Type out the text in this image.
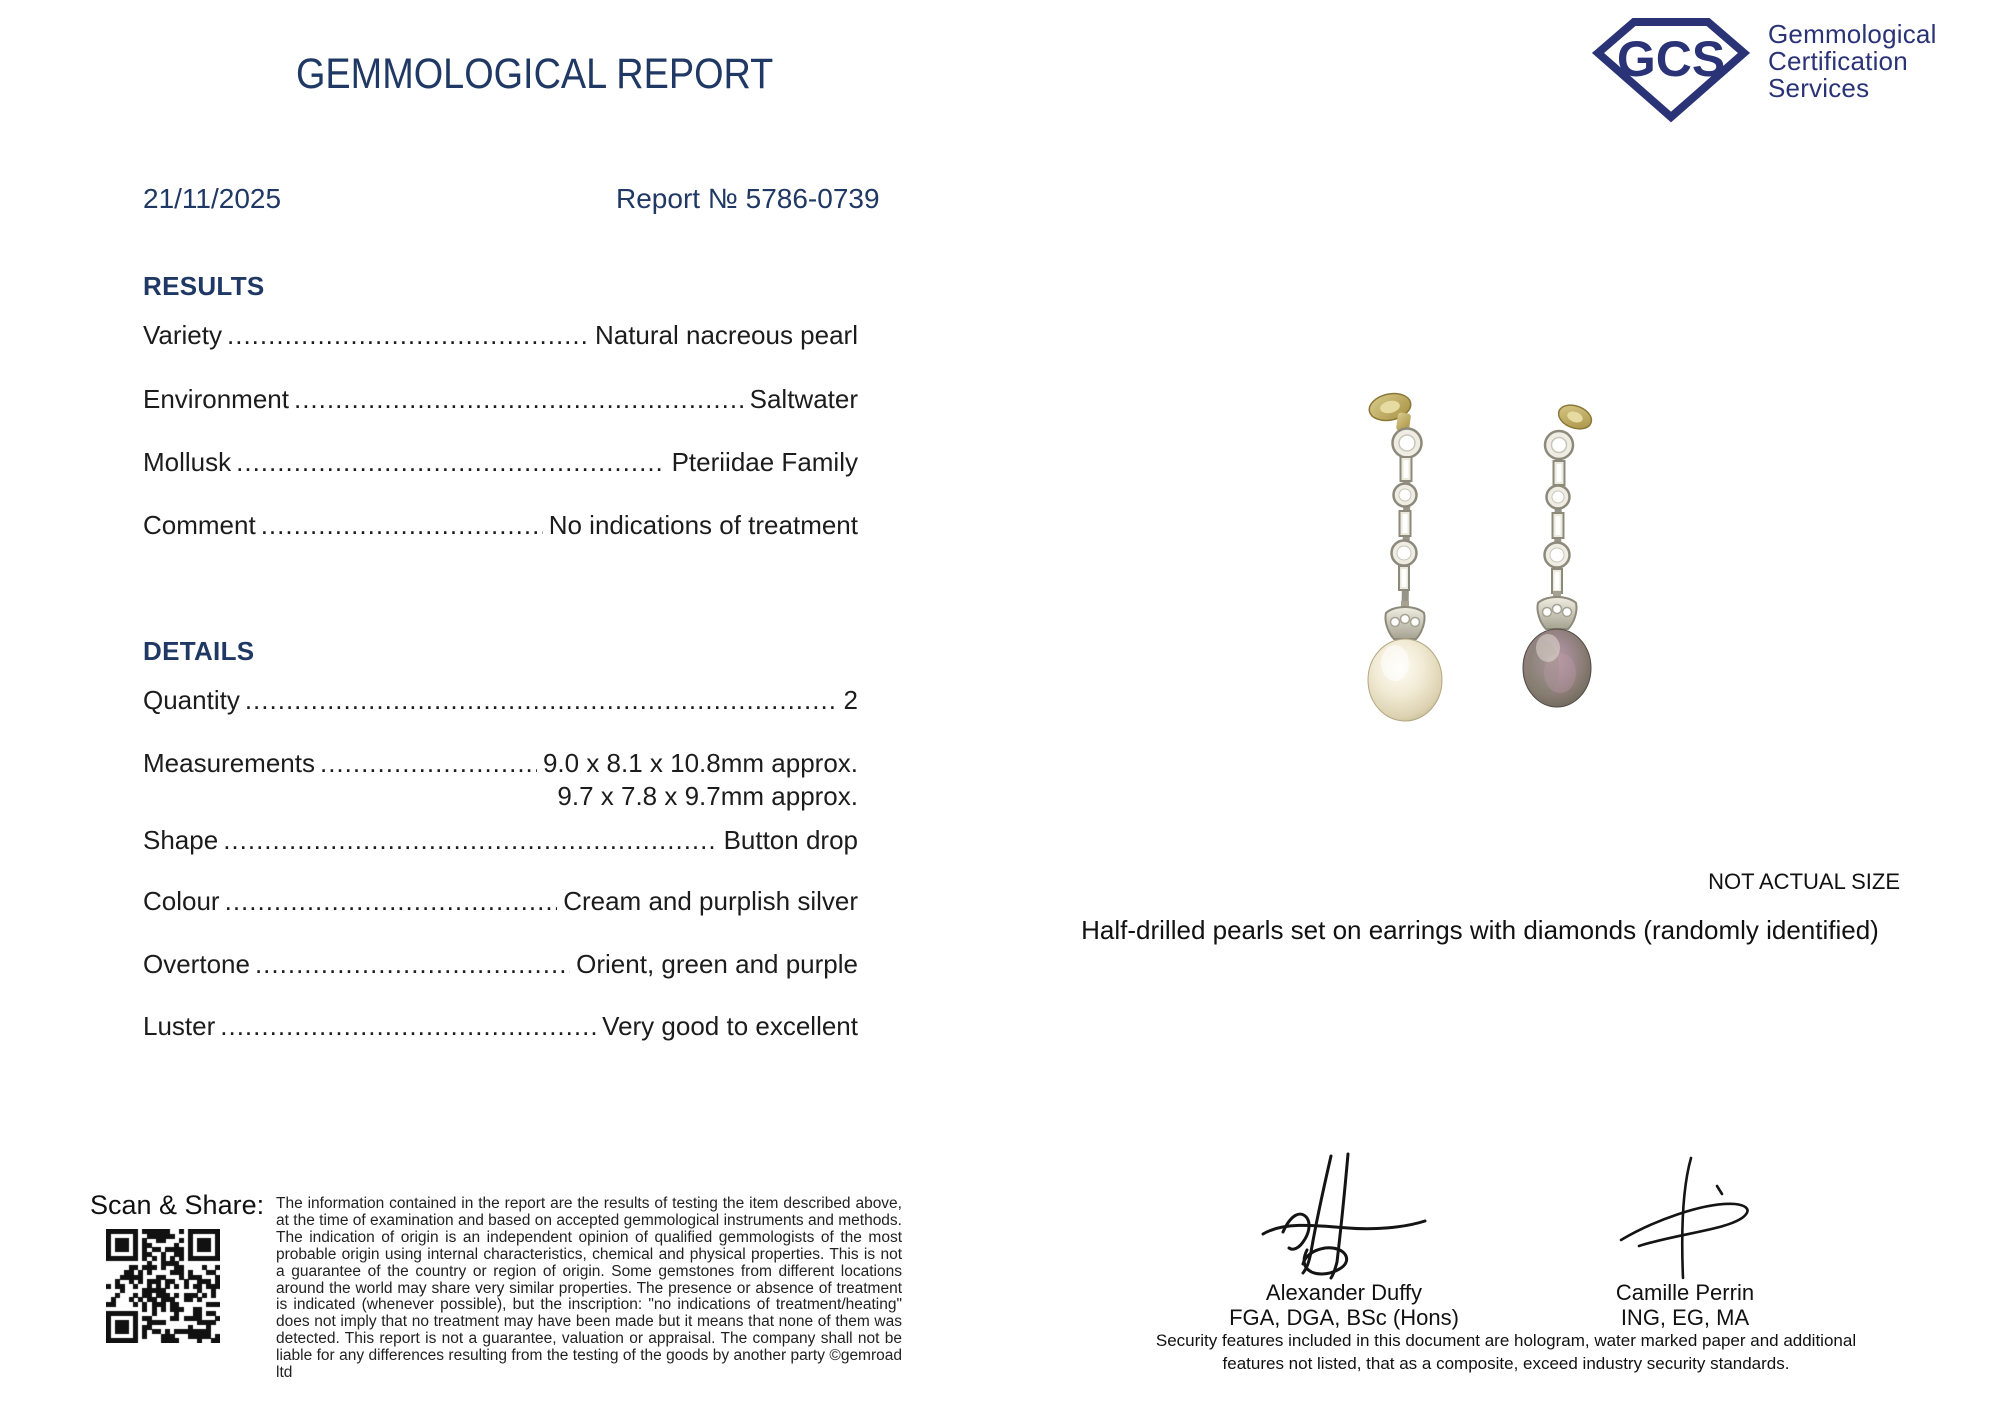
GEMMOLOGICAL REPORT	GCS Gemmological
Certification
Services
21/11/2025	Report № 5786-0739
RESULTS
Variety .....	Natural nacreous pearl
Environment .....	Saltwater
Mollusk .....	Pteriidae Family
Comment .....	No indications of treatment
DETAILS
Quantity .....	2
Measurements .....	9.0 x 8.1 x 10.8mm approx.
9.7 x 7.8 x 9.7mm approx.
Shape .....	Button drop
Colour .....	Cream and purplish silver
Overtone .....	Orient, green and purple
Luster .....	Very good to excellent
NOT ACTUAL SIZE
Half-drilled pearls set on earrings with diamonds (randomly identified)
Scan & Share: The information contained in the report are the results of testing the item described above, at the time of examination and based on accepted gemmological instruments and methods. The indication of origin is an independent opinion of qualified gemmologists of the most probable origin using internal characteristics, chemical and physical properties. This is not a guarantee of the country or region of origin. Some gemstones from different locations around the world may share very similar properties. The presence or absence of treatment is indicated (whenever possible), but the inscription: "no indications of treatment/heating" does not imply that no treatment may have been made but it means that none of them was detected. This report is not a guarantee, valuation or appraisal. The company shall not be liable for any differences resulting from the testing of the goods by another party ©gemroad ltd
Alexander Duffy
FGA, DGA, BSc (Hons)
Camille Perrin
ING, EG, MA
Security features included in this document are hologram, water marked paper and additional features not listed, that as a composite, exceed industry security standards.
